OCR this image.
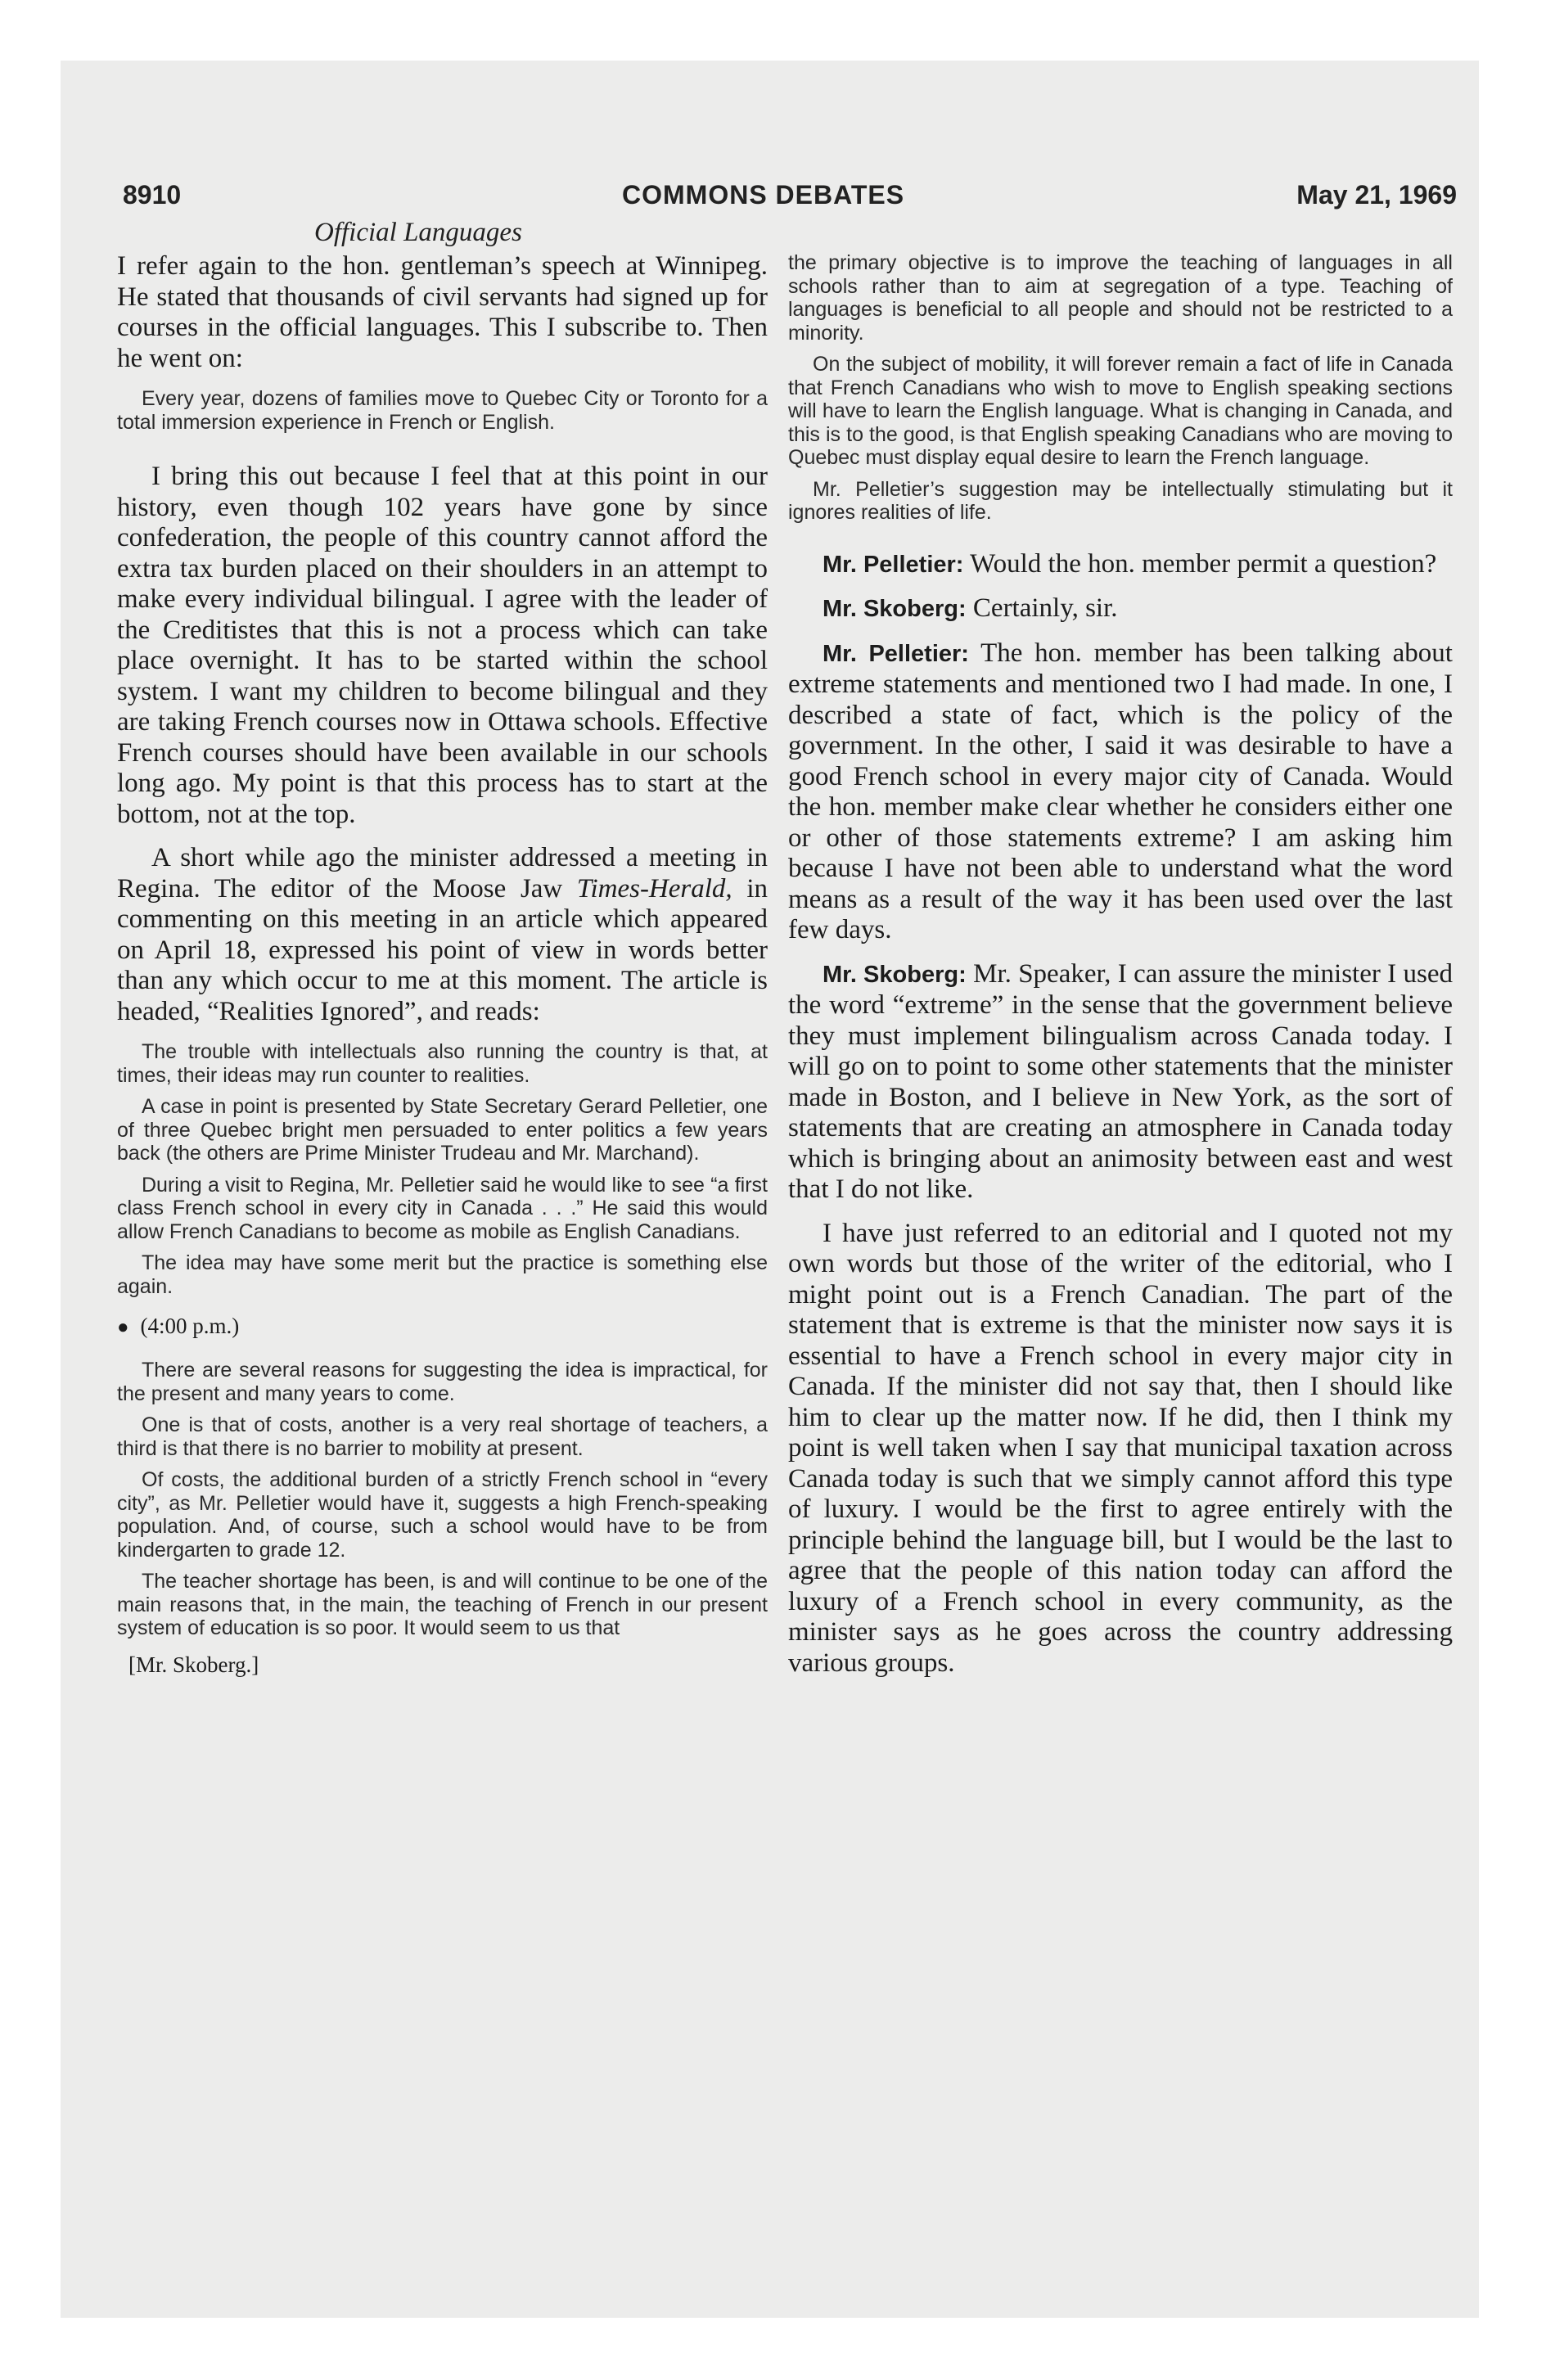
8910	COMMONS DEBATES	May 21, 1969
Official Languages

I refer again to the hon. gentleman’s speech at Winnipeg. He stated that thousands of civil servants had signed up for courses in the official languages. This I subscribe to. Then he went on:

Every year, dozens of families move to Quebec City or Toronto for a total immersion experience in French or English.

I bring this out because I feel that at this point in our history, even though 102 years have gone by since confederation, the people of this country cannot afford the extra tax burden placed on their shoulders in an attempt to make every individual bilingual. I agree with the leader of the Creditistes that this is not a process which can take place overnight. It has to be started within the school system. I want my children to become bilingual and they are taking French courses now in Ottawa schools. Effective French courses should have been available in our schools long ago. My point is that this process has to start at the bottom, not at the top.

A short while ago the minister addressed a meeting in Regina. The editor of the Moose Jaw Times-Herald, in commenting on this meeting in an article which appeared on April 18, expressed his point of view in words better than any which occur to me at this moment. The article is headed, “Realities Ignored”, and reads:

The trouble with intellectuals also running the country is that, at times, their ideas may run counter to realities.

A case in point is presented by State Secretary Gerard Pelletier, one of three Quebec bright men persuaded to enter politics a few years back (the others are Prime Minister Trudeau and Mr. Marchand).

During a visit to Regina, Mr. Pelletier said he would like to see “a first class French school in every city in Canada . . .” He said this would allow French Canadians to become as mobile as English Canadians.

The idea may have some merit but the practice is something else again.

● (4:00 p.m.)

There are several reasons for suggesting the idea is impractical, for the present and many years to come.

One is that of costs, another is a very real shortage of teachers, a third is that there is no barrier to mobility at present.

Of costs, the additional burden of a strictly French school in “every city”, as Mr. Pelletier would have it, suggests a high French-speaking population. And, of course, such a school would have to be from kindergarten to grade 12.

The teacher shortage has been, is and will continue to be one of the main reasons that, in the main, the teaching of French in our present system of education is so poor. It would seem to us that

[Mr. Skoberg.]

the primary objective is to improve the teaching of languages in all schools rather than to aim at segregation of a type. Teaching of languages is beneficial to all people and should not be restricted to a minority.

On the subject of mobility, it will forever remain a fact of life in Canada that French Canadians who wish to move to English speaking sections will have to learn the English language. What is changing in Canada, and this is to the good, is that English speaking Canadians who are moving to Quebec must display equal desire to learn the French language.

Mr. Pelletier’s suggestion may be intellectually stimulating but it ignores realities of life.

Mr. Pelletier: Would the hon. member permit a question?

Mr. Skoberg: Certainly, sir.

Mr. Pelletier: The hon. member has been talking about extreme statements and mentioned two I had made. In one, I described a state of fact, which is the policy of the government. In the other, I said it was desirable to have a good French school in every major city of Canada. Would the hon. member make clear whether he considers either one or other of those statements extreme? I am asking him because I have not been able to understand what the word means as a result of the way it has been used over the last few days.

Mr. Skoberg: Mr. Speaker, I can assure the minister I used the word “extreme” in the sense that the government believe they must implement bilingualism across Canada today. I will go on to point to some other statements that the minister made in Boston, and I believe in New York, as the sort of statements that are creating an atmosphere in Canada today which is bringing about an animosity between east and west that I do not like.

I have just referred to an editorial and I quoted not my own words but those of the writer of the editorial, who I might point out is a French Canadian. The part of the statement that is extreme is that the minister now says it is essential to have a French school in every major city in Canada. If the minister did not say that, then I should like him to clear up the matter now. If he did, then I think my point is well taken when I say that municipal taxation across Canada today is such that we simply cannot afford this type of luxury. I would be the first to agree entirely with the principle behind the language bill, but I would be the last to agree that the people of this nation today can afford the luxury of a French school in every community, as the minister says as he goes across the country addressing various groups.
